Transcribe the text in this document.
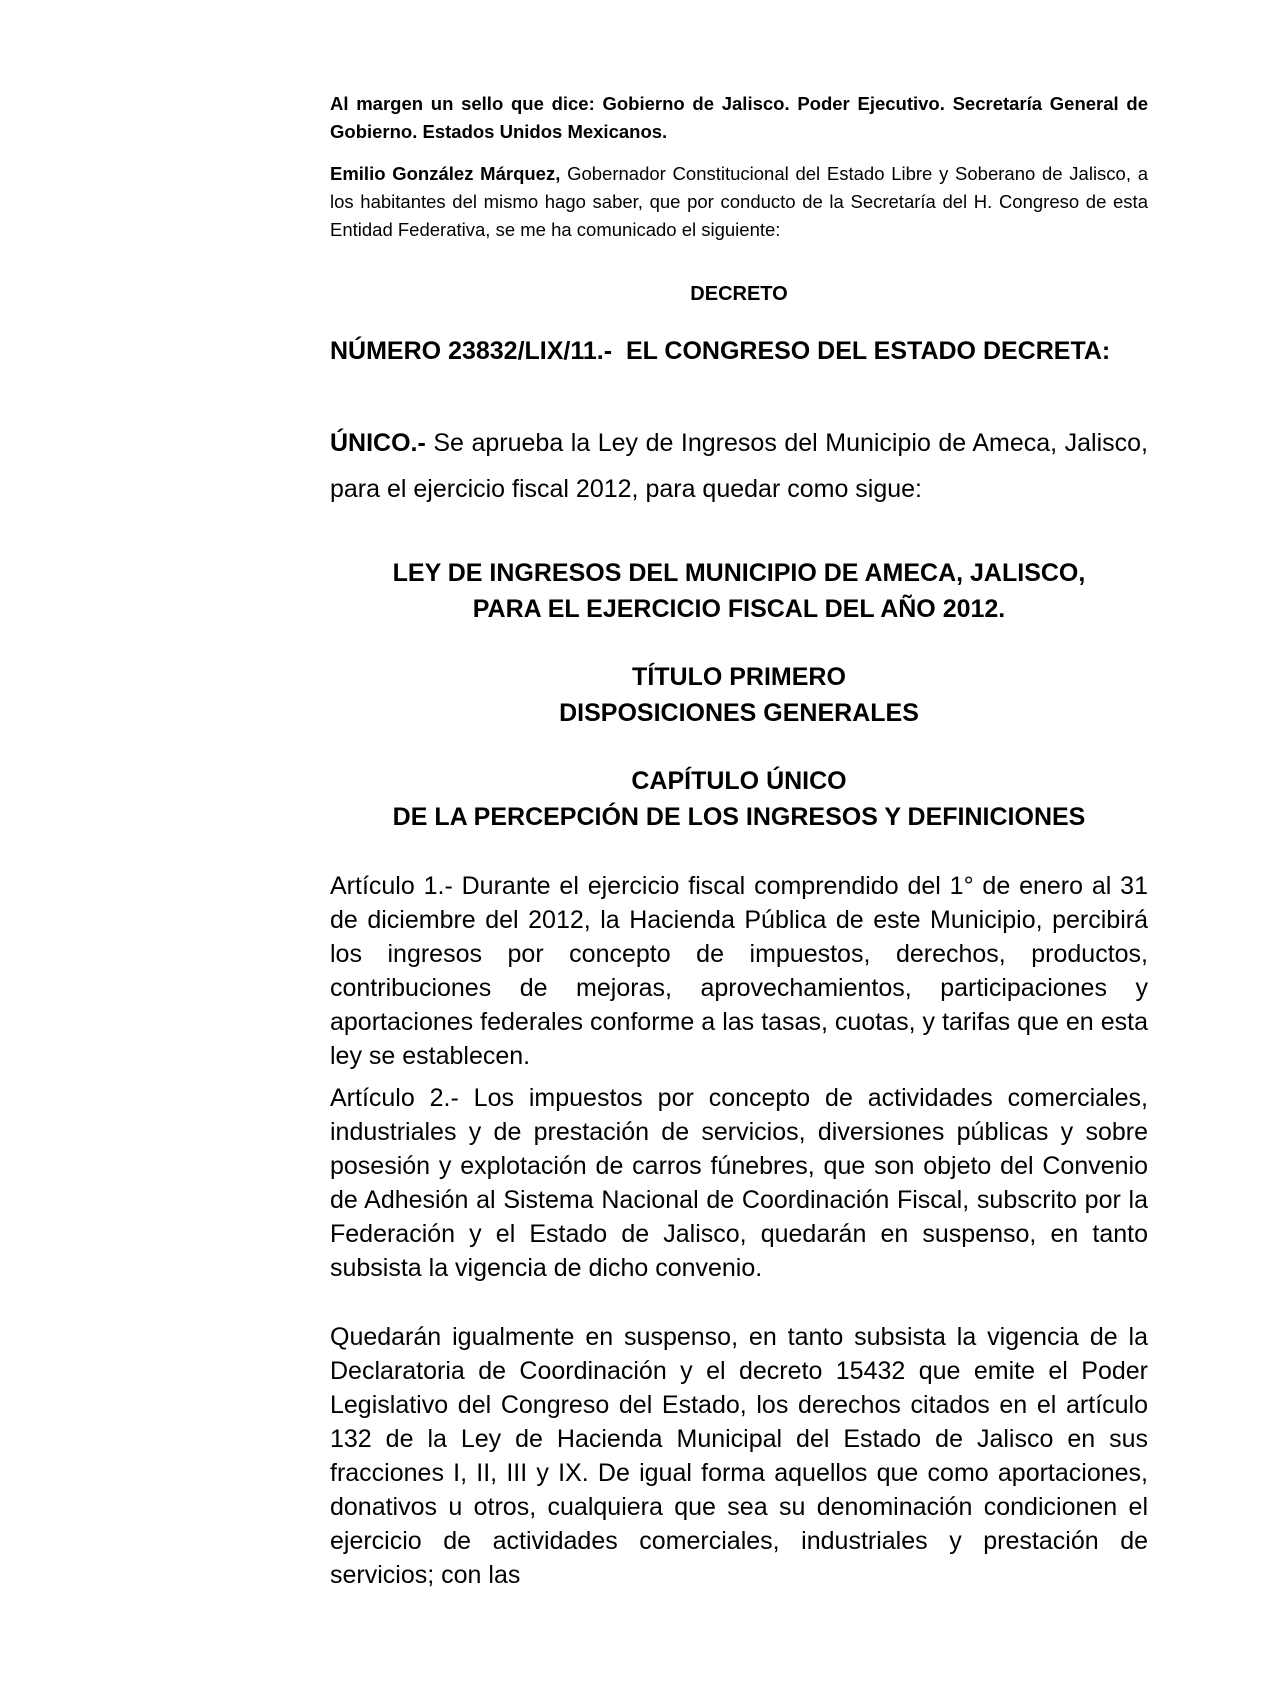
Al margen un sello que dice: Gobierno de Jalisco. Poder Ejecutivo. Secretaría General de Gobierno. Estados Unidos Mexicanos.

Emilio González Márquez, Gobernador Constitucional del Estado Libre y Soberano de Jalisco, a los habitantes del mismo hago saber, que por conducto de la Secretaría del H. Congreso de esta Entidad Federativa, se me ha comunicado el siguiente:

DECRETO

NÚMERO 23832/LIX/11.-  EL CONGRESO DEL ESTADO DECRETA:

ÚNICO.- Se aprueba la Ley de Ingresos del Municipio de Ameca, Jalisco, para el ejercicio fiscal 2012, para quedar como sigue:

LEY DE INGRESOS DEL MUNICIPIO DE AMECA, JALISCO,

PARA EL EJERCICIO FISCAL DEL AÑO 2012.

TÍTULO PRIMERO

DISPOSICIONES GENERALES

CAPÍTULO ÚNICO

DE LA PERCEPCIÓN DE LOS INGRESOS Y DEFINICIONES

Artículo 1.- Durante el ejercicio fiscal comprendido del 1° de enero al 31 de diciembre del 2012, la Hacienda Pública de este Municipio, percibirá los ingresos por concepto de impuestos, derechos, productos, contribuciones de mejoras, aprovechamientos, participaciones y aportaciones federales conforme a las tasas, cuotas, y tarifas que en esta ley se establecen.

Artículo 2.- Los impuestos por concepto de actividades comerciales, industriales y de prestación de servicios, diversiones públicas y sobre posesión y explotación de carros fúnebres, que son objeto del Convenio de Adhesión al Sistema Nacional de Coordinación Fiscal, subscrito por la Federación y el Estado de Jalisco, quedarán en suspenso, en tanto subsista la vigencia de dicho convenio.

Quedarán igualmente en suspenso, en tanto subsista la vigencia de la Declaratoria de Coordinación y el decreto 15432 que emite el Poder Legislativo del Congreso del Estado, los derechos citados en el artículo 132 de la Ley de Hacienda Municipal del Estado de Jalisco en sus fracciones I, II, III y IX. De igual forma aquellos que como aportaciones, donativos u otros, cualquiera que sea su denominación condicionen el ejercicio de actividades comerciales, industriales y prestación de servicios; con las
